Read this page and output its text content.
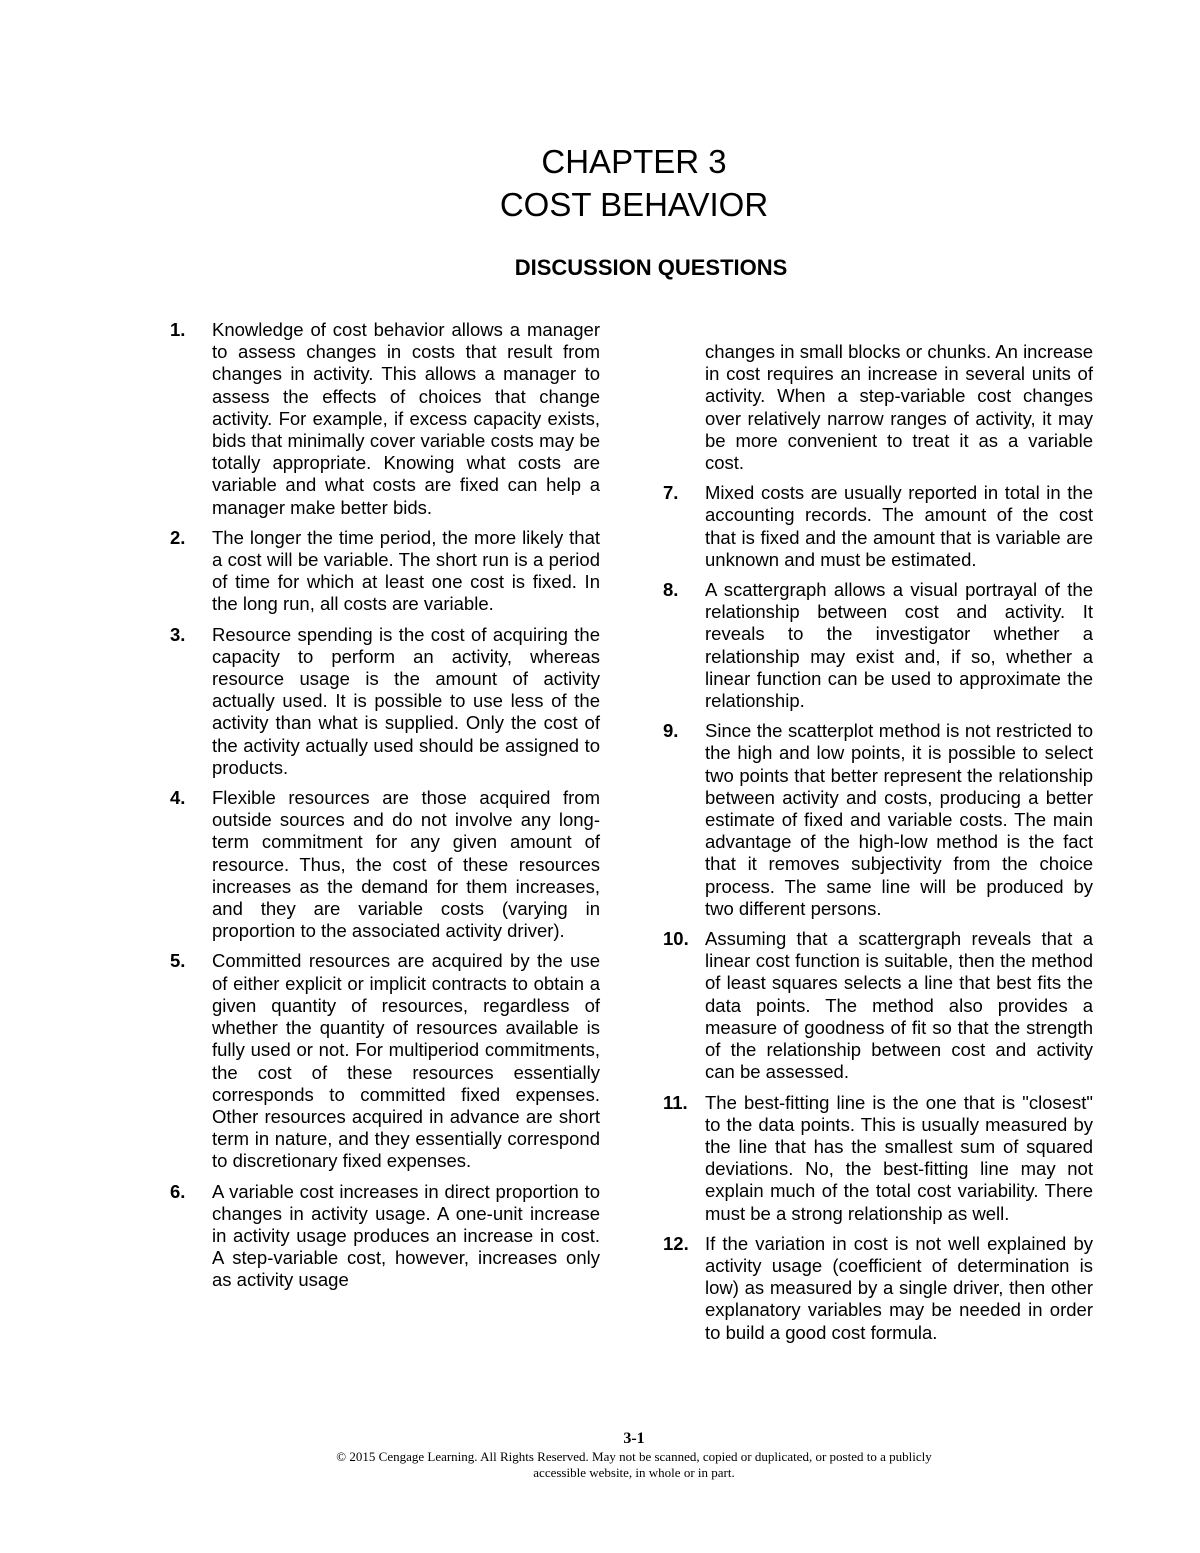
CHAPTER 3
COST BEHAVIOR
DISCUSSION QUESTIONS
1. Knowledge of cost behavior allows a manager to assess changes in costs that result from changes in activity. This allows a manager to assess the effects of choices that change activity. For example, if excess capacity exists, bids that minimally cover variable costs may be totally appropriate. Knowing what costs are variable and what costs are fixed can help a manager make better bids.
2. The longer the time period, the more likely that a cost will be variable. The short run is a period of time for which at least one cost is fixed. In the long run, all costs are variable.
3. Resource spending is the cost of acquiring the capacity to perform an activity, whereas resource usage is the amount of activity actually used. It is possible to use less of the activity than what is supplied. Only the cost of the activity actually used should be assigned to products.
4. Flexible resources are those acquired from outside sources and do not involve any long-term commitment for any given amount of resource. Thus, the cost of these resources increases as the demand for them increases, and they are variable costs (varying in proportion to the associated activity driver).
5. Committed resources are acquired by the use of either explicit or implicit contracts to obtain a given quantity of resources, regardless of whether the quantity of resources available is fully used or not. For multiperiod commitments, the cost of these resources essentially corresponds to committed fixed expenses. Other resources acquired in advance are short term in nature, and they essentially correspond to discretionary fixed expenses.
6. A variable cost increases in direct proportion to changes in activity usage. A one-unit increase in activity usage produces an increase in cost. A step-variable cost, however, increases only as activity usage
changes in small blocks or chunks. An increase in cost requires an increase in several units of activity. When a step-variable cost changes over relatively narrow ranges of activity, it may be more convenient to treat it as a variable cost.
7. Mixed costs are usually reported in total in the accounting records. The amount of the cost that is fixed and the amount that is variable are unknown and must be estimated.
8. A scattergraph allows a visual portrayal of the relationship between cost and activity. It reveals to the investigator whether a relationship may exist and, if so, whether a linear function can be used to approximate the relationship.
9. Since the scatterplot method is not restricted to the high and low points, it is possible to select two points that better represent the relationship between activity and costs, producing a better estimate of fixed and variable costs. The main advantage of the high-low method is the fact that it removes subjectivity from the choice process. The same line will be produced by two different persons.
10. Assuming that a scattergraph reveals that a linear cost function is suitable, then the method of least squares selects a line that best fits the data points. The method also provides a measure of goodness of fit so that the strength of the relationship between cost and activity can be assessed.
11. The best-fitting line is the one that is "closest" to the data points. This is usually measured by the line that has the smallest sum of squared deviations. No, the best-fitting line may not explain much of the total cost variability. There must be a strong relationship as well.
12. If the variation in cost is not well explained by activity usage (coefficient of determination is low) as measured by a single driver, then other explanatory variables may be needed in order to build a good cost formula.
3-1
© 2015 Cengage Learning. All Rights Reserved. May not be scanned, copied or duplicated, or posted to a publicly
accessible website, in whole or in part.
